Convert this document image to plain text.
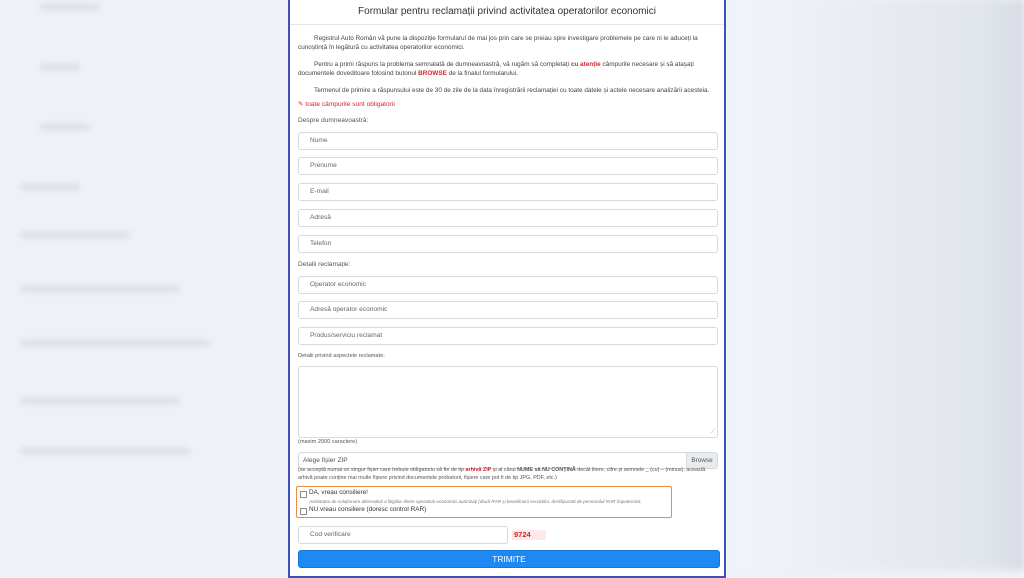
Formular pentru reclamații privind activitatea operatorilor economici
Registrul Auto Român vă pune la dispoziție formularul de mai jos prin care se preiau spre investigare problemele pe care ni le aduceți la cunoștință în legătură cu activitatea operatorilor economici.
Pentru a primi răspuns la problema semnalată de dumneavoastră, vă rugăm să completați cu atenție câmpurile necesare și să atașați documentele doveditoare folosind butonul BROWSE de la finalul formularului.
Termenul de primire a răspunsului este de 30 de zile de la data înregistrării reclamației cu toate datele și actele necesare analizării acesteia.
✎ toate câmpurile sunt obligatorii
Despre dumneavoastră:
Nume
Prenume
E-mail
Adresă
Telefon
Detalii reclamație:
Operator economic
Adresă operator economic
Produs/serviciu reclamat
Detalii privind aspectele reclamate:
⟋
(maxim 2000 caractere)
Alege fișier ZIP	Browse
(se acceptă numai un singur fișier care trebuie obligatoriu să fie de tip arhivă ZIP și al cărui NUME să NU CONȚINĂ decât litere, cifre și semnele _ (cu) – (minus); această arhivă poate conține mai multe fișiere privind documentele probatorii, fișiere care pot fi de tip JPG, PDF, etc.)
DA, vreau consiliere!
Activitatea de soluționare alternativă a litigiilor dintre operatorii economici autorizați (două RAR și beneficiarii serviciilor, desfășurată de personalul RAR împuternicit.
NU vreau consiliere (doresc control RAR)
Cod verificare	9724
TRIMITE
